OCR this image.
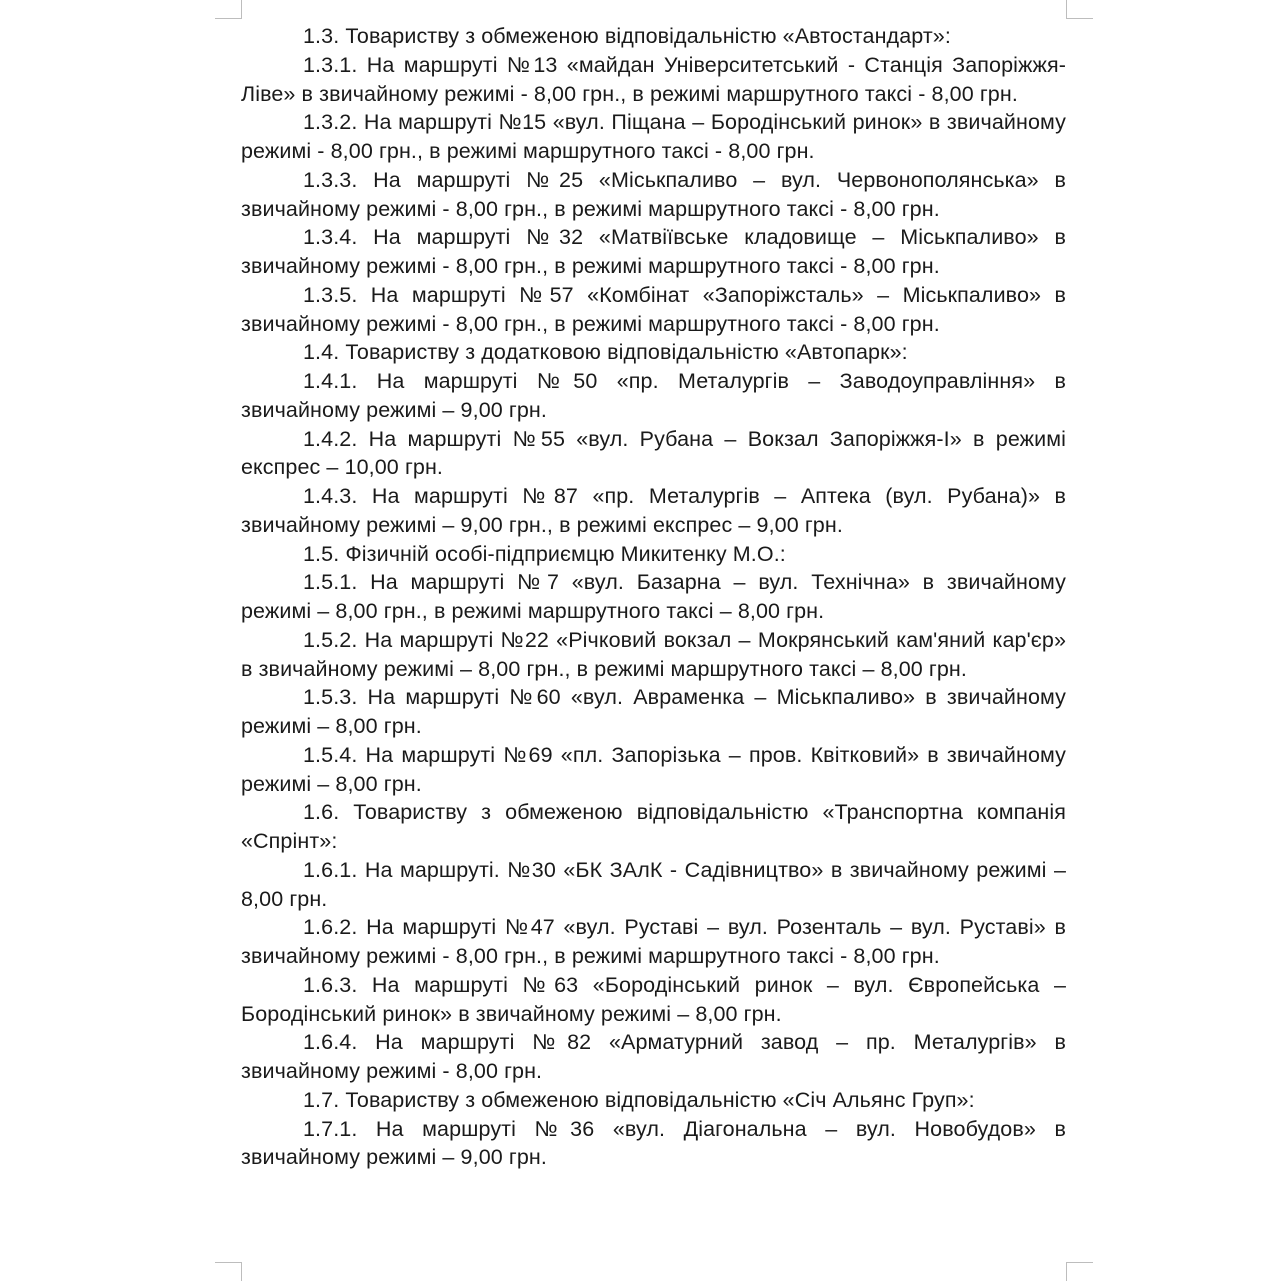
1.3. Товариству з обмеженою відповідальністю «Автостандарт»:

1.3.1. На маршруті №13 «майдан Університетський - Станція Запоріжжя-Ліве» в звичайному режимі - 8,00 грн., в режимі маршрутного таксі - 8,00 грн.

1.3.2. На маршруті №15 «вул. Піщана – Бородінський ринок» в звичайному режимі - 8,00 грн., в режимі маршрутного таксі - 8,00 грн.

1.3.3. На маршруті №25 «Міськпаливо – вул. Червонополянська» в звичайному режимі - 8,00 грн., в режимі маршрутного таксі - 8,00 грн.

1.3.4. На маршруті №32 «Матвіївське кладовище – Міськпаливо» в звичайному режимі - 8,00 грн., в режимі маршрутного таксі - 8,00 грн.

1.3.5. На маршруті №57 «Комбінат «Запоріжсталь» – Міськпаливо» в звичайному режимі - 8,00 грн., в режимі маршрутного таксі - 8,00 грн.

1.4. Товариству з додатковою відповідальністю «Автопарк»:

1.4.1. На маршруті №50 «пр. Металургів – Заводоуправління» в звичайному режимі – 9,00 грн.

1.4.2. На маршруті №55 «вул. Рубана – Вокзал Запоріжжя-І» в режимі експрес – 10,00 грн.

1.4.3. На маршруті №87 «пр. Металургів – Аптека (вул. Рубана)» в звичайному режимі – 9,00 грн., в режимі експрес – 9,00 грн.

1.5. Фізичній особі-підприємцю Микитенку М.О.:

1.5.1. На маршруті №7 «вул. Базарна – вул. Технічна» в звичайному режимі – 8,00 грн., в режимі маршрутного таксі – 8,00 грн.

1.5.2. На маршруті №22 «Річковий вокзал – Мокрянський кам'яний кар'єр» в звичайному режимі – 8,00 грн., в режимі маршрутного таксі – 8,00 грн.

1.5.3. На маршруті №60 «вул. Авраменка – Міськпаливо» в звичайному режимі – 8,00 грн.

1.5.4. На маршруті №69 «пл. Запорізька – пров. Квітковий» в звичайному режимі – 8,00 грн.

1.6. Товариству з обмеженою відповідальністю «Транспортна компанія «Спрінт»:

1.6.1. На маршруті. №30 «БК ЗАлК - Садівництво» в звичайному режимі – 8,00 грн.

1.6.2. На маршруті №47 «вул. Руставі – вул. Розенталь – вул. Руставі» в звичайному режимі - 8,00 грн., в режимі маршрутного таксі - 8,00 грн.

1.6.3. На маршруті №63 «Бородінський ринок – вул. Європейська – Бородінський ринок» в звичайному режимі – 8,00 грн.

1.6.4. На маршруті №82 «Арматурний завод – пр. Металургів» в звичайному режимі - 8,00 грн.

1.7. Товариству з обмеженою відповідальністю «Січ Альянс Груп»:

1.7.1. На маршруті №36 «вул. Діагональна – вул. Новобудов» в звичайному режимі – 9,00 грн.
